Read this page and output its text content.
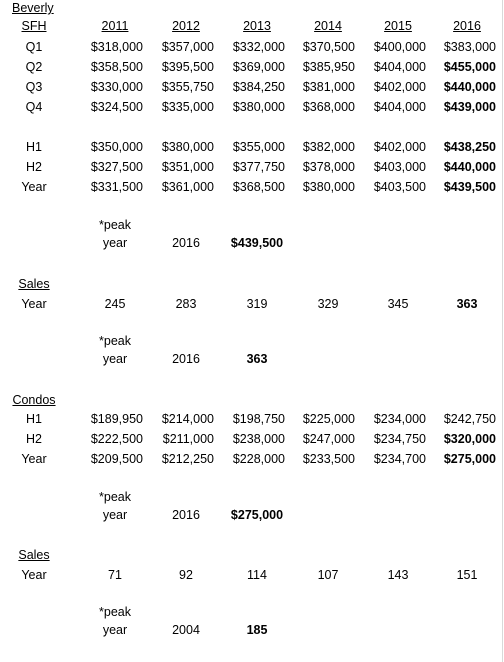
Beverly
SFH	2011	2012	2013	2014	2015	2016
Q1	$318,000	$357,000	$332,000	$370,500	$400,000	$383,000
Q2	$358,500	$395,500	$369,000	$385,950	$404,000	$455,000
Q3	$330,000	$355,750	$384,250	$381,000	$402,000	$440,000
Q4	$324,500	$335,000	$380,000	$368,000	$404,000	$439,000
H1	$350,000	$380,000	$355,000	$382,000	$402,000	$438,250
H2	$327,500	$351,000	$377,750	$378,000	$403,000	$440,000
Year	$331,500	$361,000	$368,500	$380,000	$403,500	$439,500
*peak
year	2016	$439,500
Sales
Year	245	283	319	329	345	363
*peak
year	2016	363
Condos
H1	$189,950	$214,000	$198,750	$225,000	$234,000	$242,750
H2	$222,500	$211,000	$238,000	$247,000	$234,750	$320,000
Year	$209,500	$212,250	$228,000	$233,500	$234,700	$275,000
*peak
year	2016	$275,000
Sales
Year	71	92	114	107	143	151
*peak
year	2004	185
